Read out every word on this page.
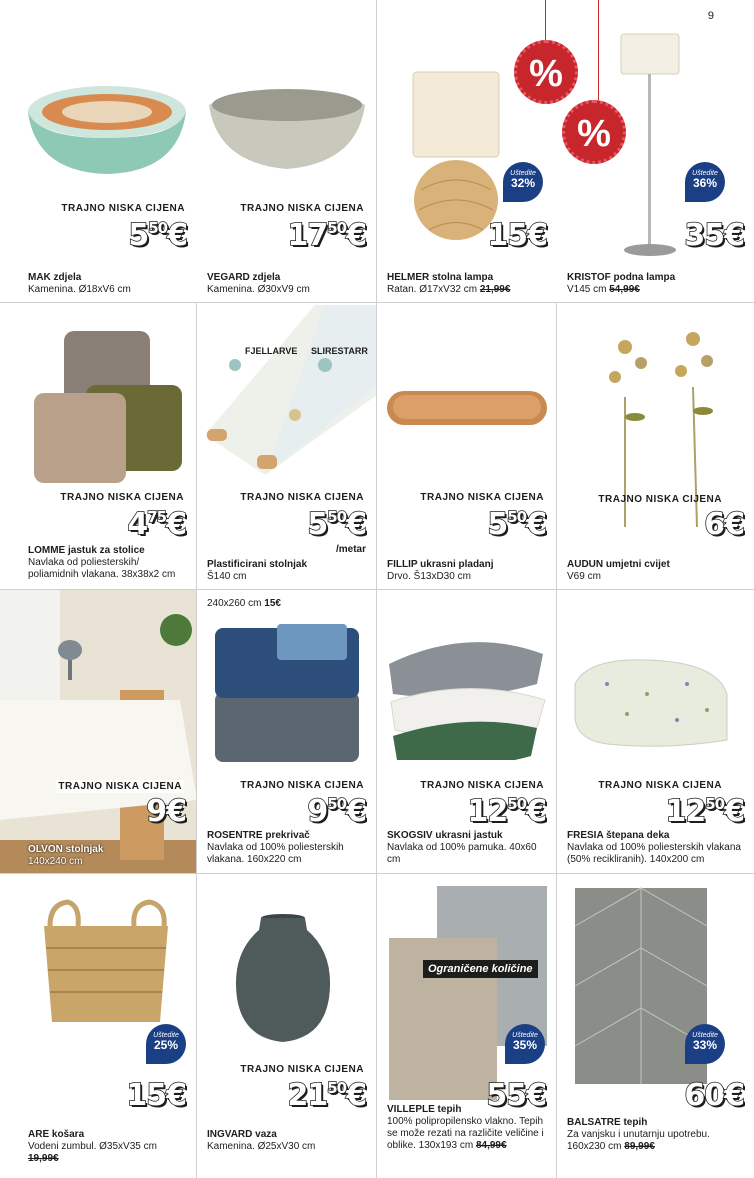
9
TRAJNO NISKA CIJENA
$5^{50}€$
MAK zdjela
Kamenina. Ø18xV6 cm
TRAJNO NISKA CIJENA
$17^{50}€$
VEGARD zdjela
Kamenina. Ø30xV9 cm
Uštedite
32%
15€
HELMER stolna lampa
Ratan. Ø17xV32 cm 21,99€
Uštedite
36%
35€
KRISTOF podna lampa
V145 cm 54,99€
%
%
TRAJNO NISKA CIJENA
$4^{75}€$
LOMME jastuk za stolice
Navlaka od poliesterskih/ poliamidnih vlakana. 38x38x2 cm
FJELLARVE SLIRESTARR
TRAJNO NISKA CIJENA
$5^{50}€$
/metar
Plastificirani stolnjak
Š140 cm
TRAJNO NISKA CIJENA
$5^{50}€$
FILLIP ukrasni pladanj
Drvo. Š13xD30 cm
TRAJNO NISKA CIJENA
6€
AUDUN umjetni cvijet
V69 cm
TRAJNO NISKA CIJENA
9€
OLVON stolnjak
140x240 cm
240x260 cm 15€
TRAJNO NISKA CIJENA
$9^{50}€$
ROSENTRE prekrivač
Navlaka od 100% poliesterskih vlakana. 160x220 cm
TRAJNO NISKA CIJENA
$12^{50}€$
SKOGSIV ukrasni jastuk
Navlaka od 100% pamuka. 40x60 cm
TRAJNO NISKA CIJENA
$12^{50}€$
FRESIA štepana deka
Navlaka od 100% poliesterskih vlakana (50% recikliranih). 140x200 cm
Uštedite
25%
15€
ARE košara
Vodeni zumbul. Ø35xV35 cm 19,99€
TRAJNO NISKA CIJENA
$21^{50}€$
INGVARD vaza
Kamenina. Ø25xV30 cm
Ograničene količine
Uštedite
35%
55€
VILLEPLE tepih
100% polipropilensko vlakno. Tepih se može rezati na različite veličine i oblike. 130x193 cm 84,99€
Uštedite
33%
60€
BALSATRE tepih
Za vanjsku i unutarnju upotrebu. 160x230 cm 89,99€
